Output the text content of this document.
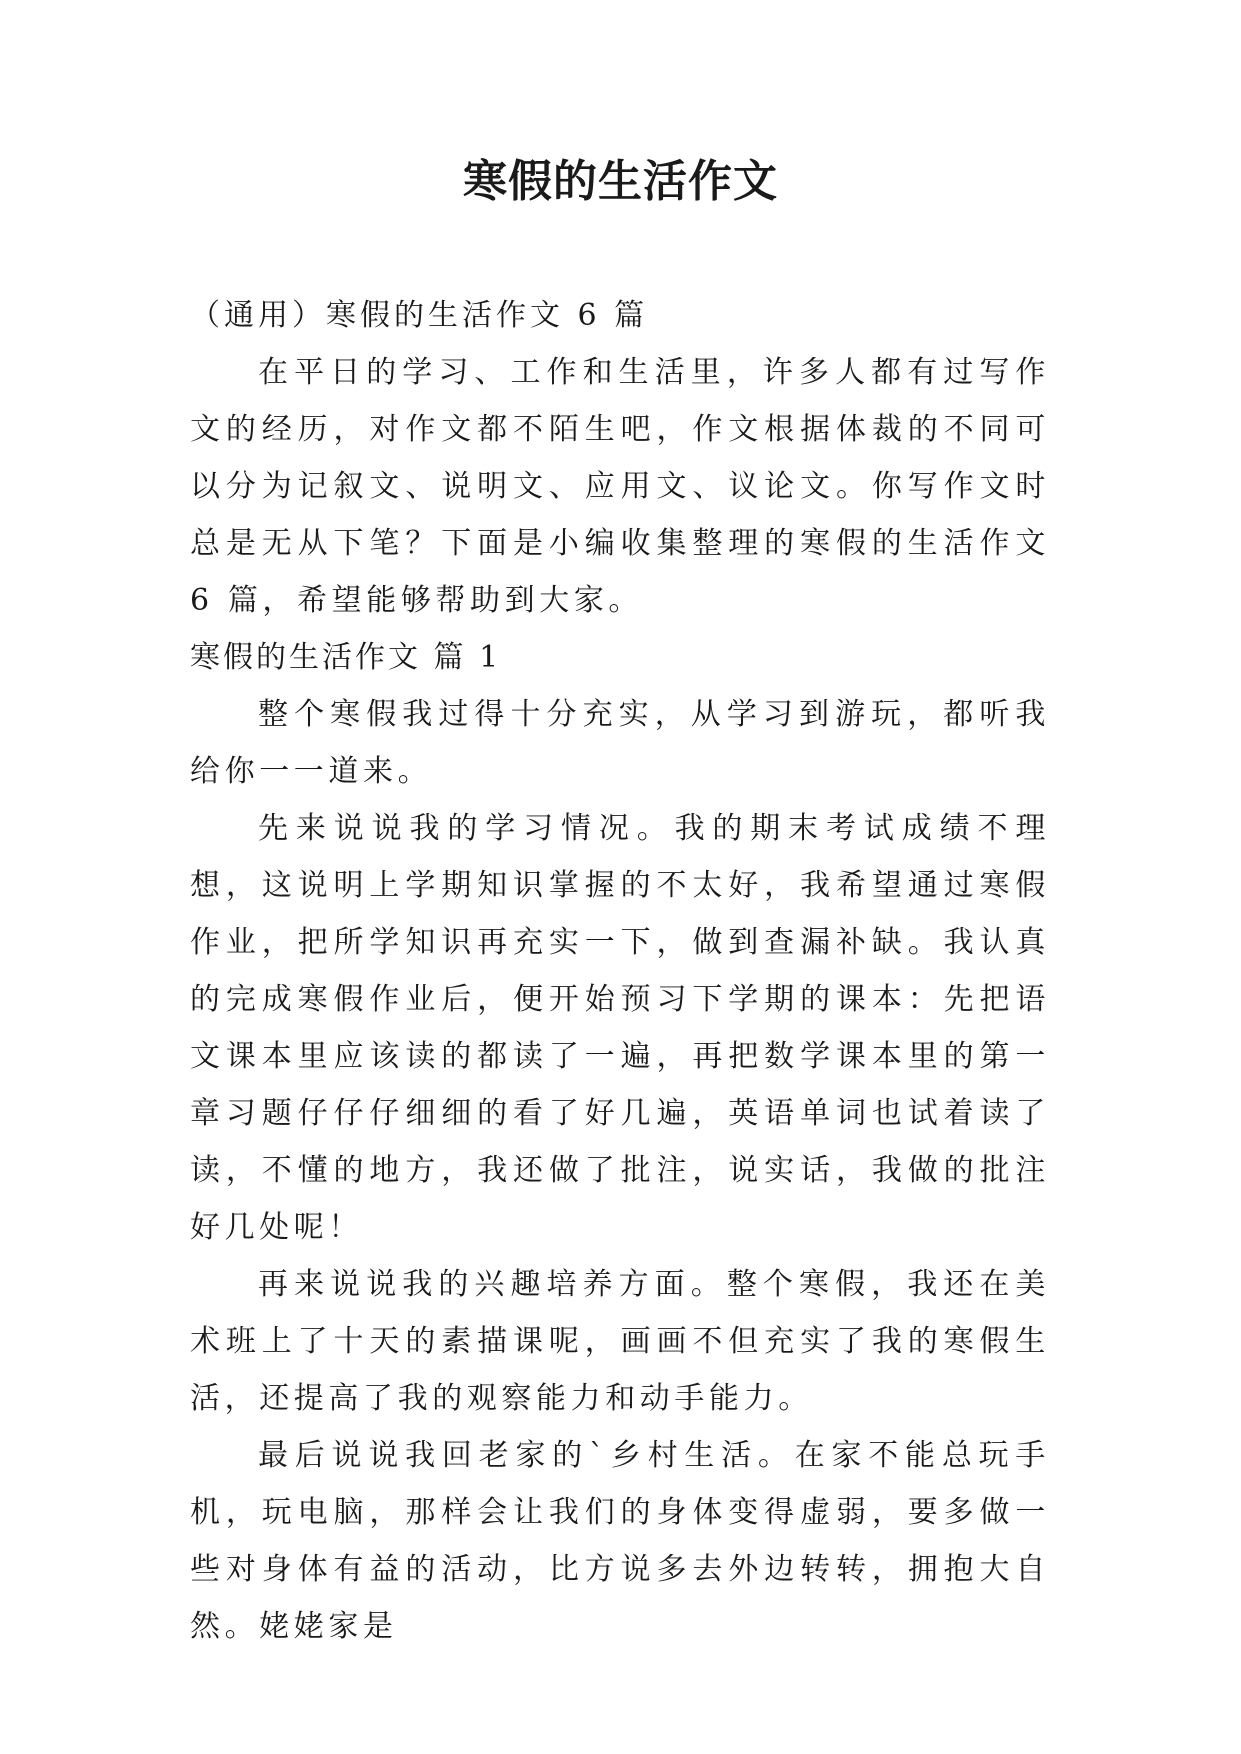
寒假的生活作文

（通用）寒假的生活作文 6 篇

在平日的学习、工作和生活里，许多人都有过写作文的经历，对作文都不陌生吧，作文根据体裁的不同可以分为记叙文、说明文、应用文、议论文。你写作文时总是无从下笔？下面是小编收集整理的寒假的生活作文 6 篇，希望能够帮助到大家。

寒假的生活作文 篇 1

整个寒假我过得十分充实，从学习到游玩，都听我给你一一道来。

先来说说我的学习情况。我的期末考试成绩不理想，这说明上学期知识掌握的不太好，我希望通过寒假作业，把所学知识再充实一下，做到查漏补缺。我认真的完成寒假作业后，便开始预习下学期的课本：先把语文课本里应该读的都读了一遍，再把数学课本里的第一章习题仔仔仔细细的看了好几遍，英语单词也试着读了读，不懂的地方，我还做了批注，说实话，我做的批注好几处呢！

再来说说我的兴趣培养方面。整个寒假，我还在美术班上了十天的素描课呢，画画不但充实了我的寒假生活，还提高了我的观察能力和动手能力。

最后说说我回老家的`乡村生活。在家不能总玩手机，玩电脑，那样会让我们的身体变得虚弱，要多做一些对身体有益的活动，比方说多去外边转转，拥抱大自然。姥姥家是
